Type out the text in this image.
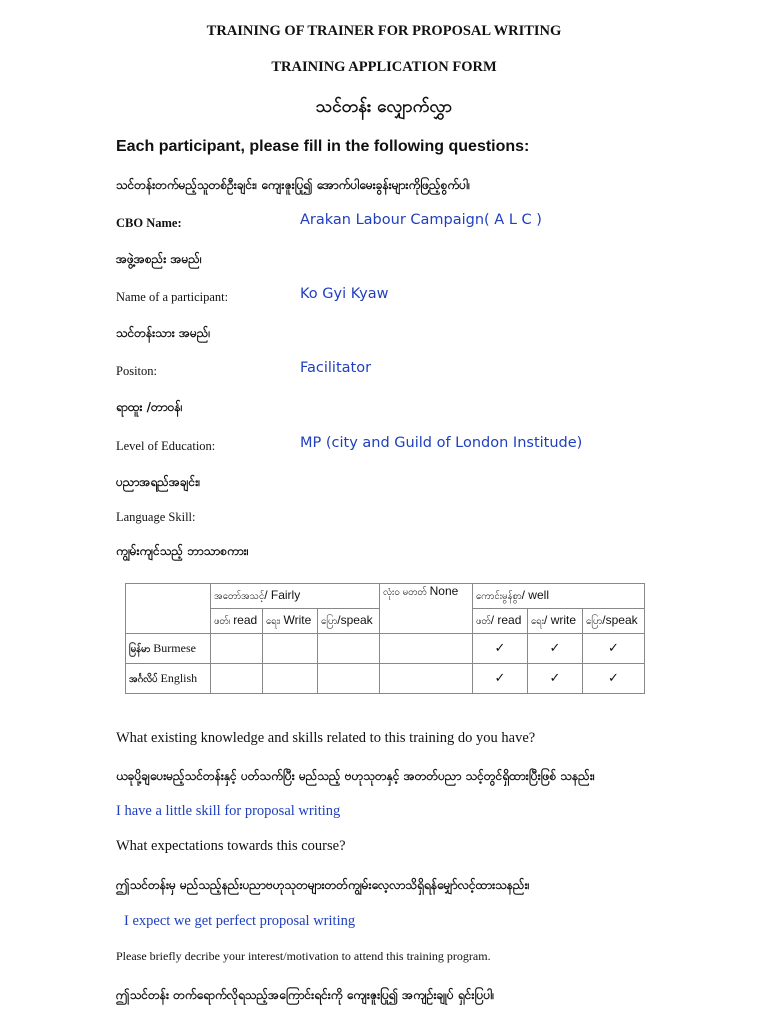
TRAINING OF TRAINER FOR PROPOSAL WRITING
TRAINING APPLICATION FORM
သင်တန်း လျှောက်လွှာ
Each participant, please fill in the following questions:
သင်တန်းတက်မည့်သူတစ်ဦးချင်း၊ ကျေးဇူးပြု၍ အောက်ပါမေးခွန်းများကိုဖြည့်စွက်ပါ၊
CBO Name:	Arakan Labour Campaign( A L C )
အဖွဲ့အစည်း အမည်၊
Name of a participant:	Ko Gyi Kyaw
သင်တန်းသား အမည်၊
Positon:	Facilitator
ရာထူး /တာဝန်၊
Level of Education:	MP (city and Guild of London Institude)
ပညာအရည်အချင်း၊
Language Skill:
ကျွမ်းကျင်သည့် ဘာသာစကား၊
	အတော်အသင့်/ Fairly			လုံးဝ မတတ် None	ကောင်းမွန်စွာ/ well		
	ဖတ်၊ read	ရေး၊ Write	ပြော/speak		ဖတ်/ read	ရေး/ write	ပြော/speak
မြန်မာ Burmese					✓	✓	✓
အင်္ဂလိပ် English					✓	✓	✓
What existing knowledge and skills related to this training do you have?
ယခုပို့ချပေးမည့်သင်တန်းနှင့် ပတ်သက်ပြီး မည်သည့် ဗဟုသုတနှင့် အတတ်ပညာ သင့်တွင်ရှိထားပြီးဖြစ် သနည်း၊
I have a little skill for proposal writing
What expectations towards this course?
ဤသင်တန်းမှ မည်သည့်နည်းပညာဗဟုသုတများတတ်ကျွမ်းလေ့လာသိရှိရန်မျှော်လင့်ထားသနည်း၊
I expect we get perfect proposal writing
Please briefly decribe your interest/motivation to attend this training program.
ဤသင်တန်း တက်ရောက်လိုရသည့်အကြောင်းရင်းကို ကျေးဇူးပြု၍ အကျဉ်းချုပ် ရှင်းပြပါ၊
